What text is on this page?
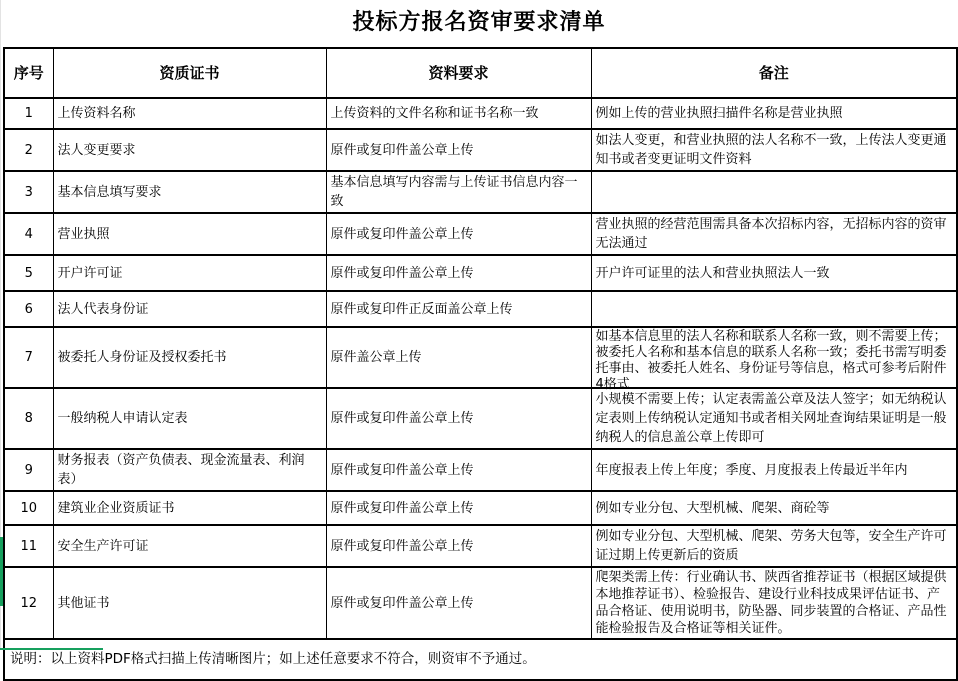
投标方报名资审要求清单
序号	资质证书	资料要求	备注
1	上传资料名称	上传资料的文件名称和证书名称一致	例如上传的营业执照扫描件名称是营业执照
2	法人变更要求	原件或复印件盖公章上传	如法人变更，和营业执照的法人名称不一致，上传法人变更通知书或者变更证明文件资料
3	基本信息填写要求	基本信息填写内容需与上传证书信息内容一致	
4	营业执照	原件或复印件盖公章上传	营业执照的经营范围需具备本次招标内容，无招标内容的资审无法通过
5	开户许可证	原件或复印件盖公章上传	开户许可证里的法人和营业执照法人一致
6	法人代表身份证	原件或复印件正反面盖公章上传	
7	被委托人身份证及授权委托书	原件盖公章上传	如基本信息里的法人名称和联系人名称一致，则不需要上传；被委托人名称和基本信息的联系人名称一致；委托书需写明委托事由、被委托人姓名、身份证号等信息，格式可参考后附件4格式

8	一般纳税人申请认定表	原件或复印件盖公章上传	小规模不需要上传；认定表需盖公章及法人签字；如无纳税认定表则上传纳税认定通知书或者相关网址查询结果证明是一般纳税人的信息盖公章上传即可
9	财务报表（资产负债表、现金流量表、利润表）	原件或复印件盖公章上传	年度报表上传上年度；季度、月度报表上传最近半年内
10	建筑业企业资质证书	原件或复印件盖公章上传	例如专业分包、大型机械、爬架、商砼等
11	安全生产许可证	原件或复印件盖公章上传	例如专业分包、大型机械、爬架、劳务大包等，安全生产许可证过期上传更新后的资质
12	其他证书	原件或复印件盖公章上传	爬架类需上传：行业确认书、陕西省推荐证书（根据区域提供本地推荐证书）、检验报告、建设行业科技成果评估证书、产品合格证、使用说明书，防坠器、同步装置的合格证、产品性能检验报告及合格证等相关证件。
说明：以上资料PDF格式扫描上传清晰图片；如上述任意要求不符合，则资审不予通过。			
